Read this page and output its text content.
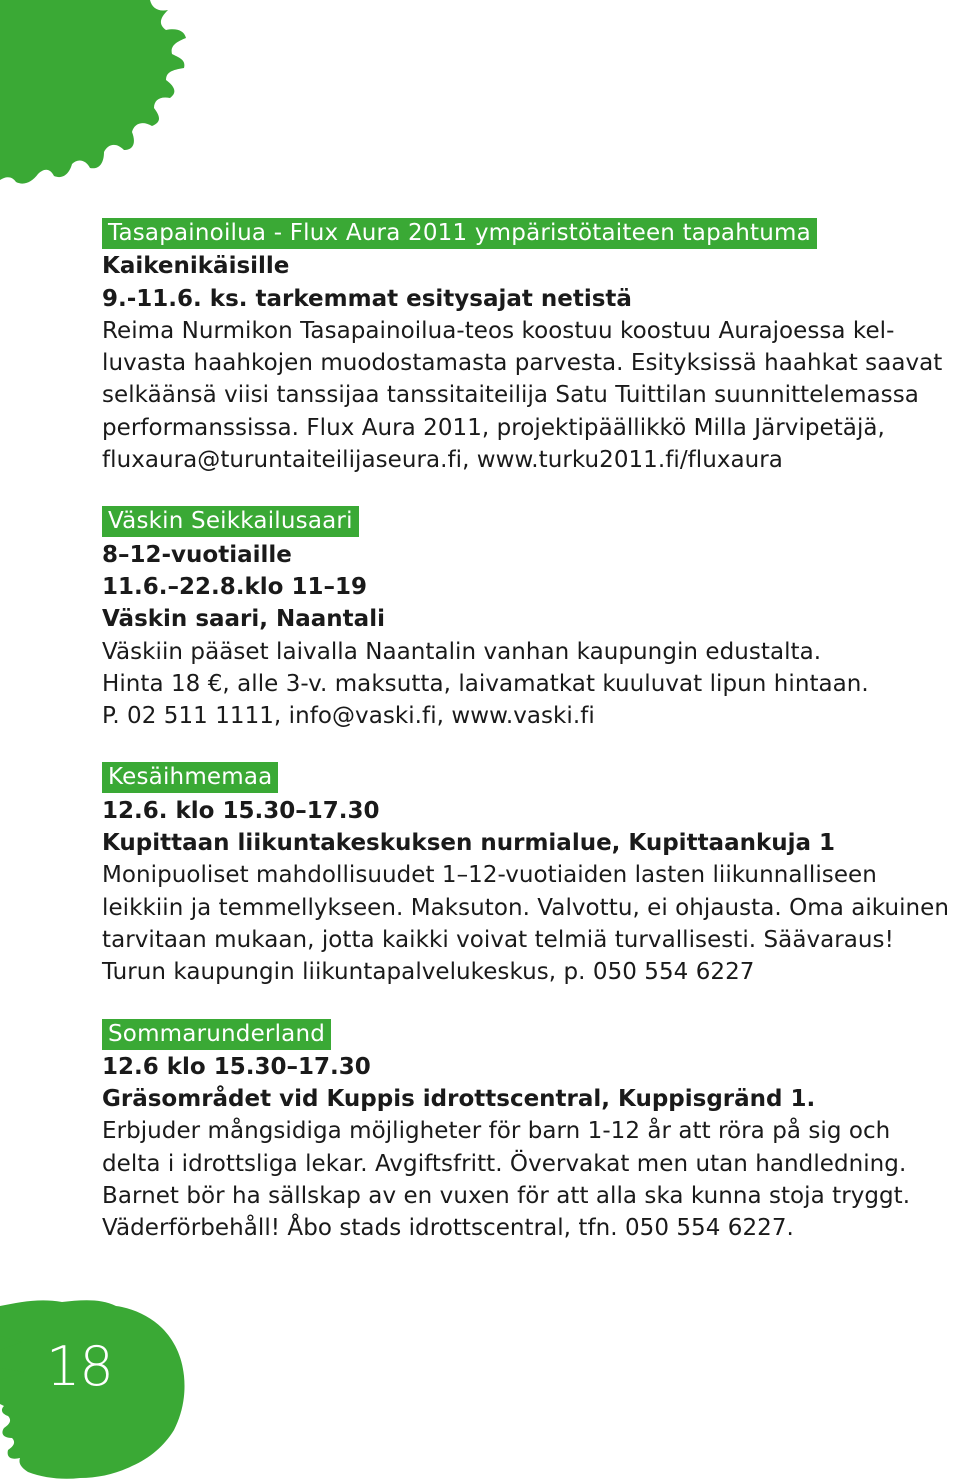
18
Tasapainoilua - Flux Aura 2011 ympäristötaiteen tapahtuma
Kaikenikäisille
9.-11.6. ks. tarkemmat esitysajat netistä
Reima Nurmikon Tasapainoilua-teos koostuu koostuu Aurajoessa kel-
luvasta haahkojen muodostamasta parvesta. Esityksissä haahkat saavat
selkäänsä viisi tanssijaa tanssitaiteilija Satu Tuittilan suunnittelemassa
performanssissa. Flux Aura 2011, projektipäällikkö Milla Järvipetäjä,
fluxaura@turuntaiteilijaseura.fi, www.turku2011.fi/fluxaura
Väskin Seikkailusaari
8–12-vuotiaille
11.6.–22.8.klo 11–19
Väskin saari, Naantali
Väskiin pääset laivalla Naantalin vanhan kaupungin edustalta.
Hinta 18 €, alle 3-v. maksutta, laivamatkat kuuluvat lipun hintaan.
P. 02 511 1111, info@vaski.fi, www.vaski.fi
Kesäihmemaa
12.6. klo 15.30–17.30
Kupittaan liikuntakeskuksen nurmialue, Kupittaankuja 1
Monipuoliset mahdollisuudet 1–12-vuotiaiden lasten liikunnalliseen
leikkiin ja temmellykseen. Maksuton. Valvottu, ei ohjausta. Oma aikuinen
tarvitaan mukaan, jotta kaikki voivat telmiä turvallisesti. Säävaraus!
Turun kaupungin liikuntapalvelukeskus, p. 050 554 6227
Sommarunderland
12.6 klo 15.30–17.30
Gräsområdet vid Kuppis idrottscentral, Kuppisgränd 1.
Erbjuder mångsidiga möjligheter för barn 1-12 år att röra på sig och
delta i idrottsliga lekar. Avgiftsfritt. Övervakat men utan handledning.
Barnet bör ha sällskap av en vuxen för att alla ska kunna stoja tryggt.
Väderförbehåll! Åbo stads idrottscentral, tfn. 050 554 6227.
